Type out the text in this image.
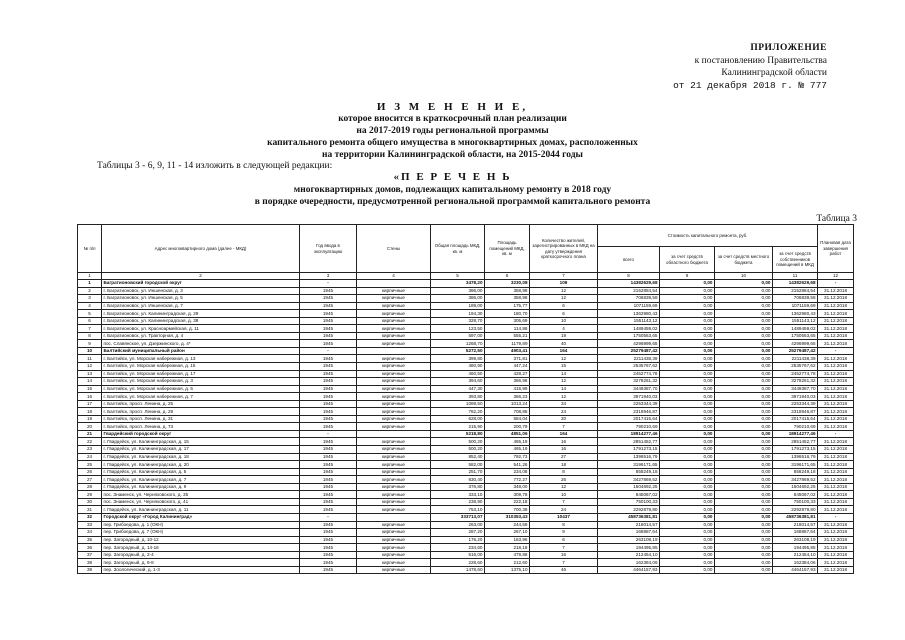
ПРИЛОЖЕНИЕ
к постановлению Правительства
Калининградской области
от 21 декабря 2018 г. № 777
И З М Е Н Е Н И Е,
которое вносится в краткосрочный план реализации
на 2017-2019 годы региональной программы
капитального ремонта общего имущества в многоквартирных домах, расположенных
на территории Калининградской области, на 2015-2044 годы
Таблицы 3 - 6, 9, 11 - 14 изложить в следующей редакции:
«П Е Р Е Ч Е Н Ь
многоквартирных домов, подлежащих капитальному ремонту в 2018 году
в порядке очередности, предусмотренной региональной программой капитального ремонта
Таблица 3
№ п/п	Адрес многоквартирного дома (далее - МКД)	Год ввода в эксплуатацию	Стены	Общая площадь МКД, кв. м	Площадь помещений МКД, кв. м	Количество жителей, зарегистрированных в МКД на дату утверждения краткосрочного плана	Стоимость капитального ремонта, руб.				Плановая дата завершения работ
							всего	за счет средств областного бюджета	за счет средств местного бюджета	за счет средств собственников помещений в МКД	
1	2	3	4	5	6	7	8	9	10	11	12
1	Багратионовский городской округ	-		3478,20	3230,08	109	14382629,68	0,00	0,00	14382629,68	-
2	г. Багратионовск, ул. Иншенская, д. 3	1945	кирпичные	386,00	358,98	12	2152884,54	0,00	0,00	2152884,54	31.12.2018
3	г. Багратионовск, ул. Иншенская, д. 5	1945	кирпичные	386,00	358,98	12	706839,58	0,00	0,00	706839,58	31.12.2018
4	г. Багратионовск, ул. Иншенская, д. 7	1945	кирпичные	189,00	175,77	6	1071159,69	0,00	0,00	1071159,69	31.12.2018
5	г. Багратионовск, ул. Калининградская, д. 29	1945	кирпичные	194,30	180,70	6	1362980,43	0,00	0,00	1362980,43	31.12.2018
6	г. Багратионовск, ул. Калининградская, д. 38	1945	кирпичные	328,70	305,69	10	1551143,12	0,00	0,00	1551143,12	31.12.2018
7	г. Багратионовск, ул. Красноармейская, д. 11	1945	кирпичные	123,50	114,86	4	1489459,02	0,00	0,00	1489459,02	31.12.2018
8	г. Багратионовск, ул. Тракторная, д. 4	1945	кирпичные	597,00	555,21	19	1750563,65	0,00	0,00	1750563,65	31.12.2018
9	пос. Славянское, ул. Дзержинского, д. 4*	1945	кирпичные	1268,70	1179,89	40	4296999,65	0,00	0,00	4296999,65	31.12.2018
10	Балтийский муниципальный район	-		5272,50	4903,41	164	25279487,42	0,00	0,00	25279487,42	-
11	г. Балтийск, ул. Морская набережная, д. 13	1945	кирпичные	399,80	371,81	12	2211438,39	0,00	0,00	2211438,39	31.12.2018
12	г. Балтийск, ул. Морская набережная, д. 15	1945	кирпичные	480,90	447,24	15	2535767,62	0,00	0,00	2535767,62	31.12.2018
13	г. Балтийск, ул. Морская набережная, д. 17	1945	кирпичные	460,50	428,27	14	2452774,78	0,00	0,00	2452774,78	31.12.2018
14	г. Балтийск, ул. Морская набережная, д. 3	1945	кирпичные	394,60	366,98	12	3278261,32	0,00	0,00	3278261,32	31.12.2018
15	г. Балтийск, ул. Морская набережная, д. 5	1945	кирпичные	447,30	415,99	14	3449387,70	0,00	0,00	3449387,70	31.12.2018
16	г. Балтийск, ул. Морская набережная, д. 7	1945	кирпичные	393,80	366,23	12	3971940,03	0,00	0,00	3971940,03	31.12.2018
17	г. Балтийск, просп. Ленина, д. 25	1945	кирпичные	1089,50	1013,24	34	2253344,39	0,00	0,00	2253344,39	31.12.2018
18	г. Балтийск, просп. Ленина, д. 29	1945	кирпичные	762,20	708,85	24	2318946,87	0,00	0,00	2318946,87	31.12.2018
19	г. Балтийск, просп. Ленина, д. 31	1945	кирпичные	628,00	584,04	20	2017415,64	0,00	0,00	2017415,64	31.12.2018
20	г. Балтийск, просп. Ленина, д. 73	1945	кирпичные	215,90	200,79	7	790210,69	0,00	0,00	790210,69	31.12.2018
21	Гвардейский городской округ	-		5218,80	4851,06	164	18914277,46	0,00	0,00	18914277,46	-
22	г. Гвардейск, ул. Калининградская, д. 15	1945	кирпичные	500,20	465,19	16	2851452,77	0,00	0,00	2851452,77	31.12.2018
23	г. Гвардейск, ул. Калининградская, д. 17	1945	кирпичные	500,20	465,19	16	1791273,15	0,00	0,00	1791273,15	31.12.2018
24	г. Гвардейск, ул. Калининградская, д. 18	1945	кирпичные	852,40	792,73	27	1396516,79	0,00	0,00	1396516,79	31.12.2018
25	г. Гвардейск, ул. Калининградская, д. 20	1945	кирпичные	582,00	541,26	18	3196171,65	0,00	0,00	3196171,65	31.12.2018
26	г. Гвардейск, ул. Калининградская, д. 5	1945	кирпичные	251,70	234,08	8	858249,18	0,00	0,00	858249,18	31.12.2018
27	г. Гвардейск, ул. Калининградская, д. 7	1945	кирпичные	830,40	772,27	26	3427869,52	0,00	0,00	3427869,52	31.12.2018
28	г. Гвардейск, ул. Калининградская, д. 9	1945	кирпичные	376,80	348,00	12	1504692,25	0,00	0,00	1504692,25	31.12.2018
29	пос. Знаменск, ул. Черняховского, д. 35	1945	кирпичные	333,10	309,78	10	845067,02	0,00	0,00	845067,02	31.12.2018
30	пос. Знаменск, ул. Черняховского, д. 41	1945	кирпичные	238,90	222,18	7	750100,33	0,00	0,00	750100,33	31.12.2018
31	г. Гвардейск, ул. Калининградская, д. 11	1945	кирпичные	753,10	700,38	24	2292879,80	0,00	0,00	2292879,80	31.12.2018
32	Городской округ «Город Калининград»	-		333713,07	310353,43	10437	458736381,81	0,00	0,00	458736381,81	-
33	пер. Грибоедова, д. 1 (ОКН)	1945	кирпичные	263,00	244,59	8	218014,57	0,00	0,00	218014,57	31.12.2018
34	пер. Грибоедова, д. 7 (ОКН)	1945	кирпичные	287,20	267,10	9	168887,64	0,00	0,00	168887,64	31.12.2018
35	пер. Загородный, д. 10-12	1945	кирпичные	176,20	163,96	6	263108,19	0,00	0,00	263108,19	31.12.2018
36	пер. Загородный, д. 14-16	1945	кирпичные	234,60	218,18	7	194495,85	0,00	0,00	194495,85	31.12.2018
37	пер. Загородный, д. 2-4	1945	кирпичные	516,00	479,88	16	212454,10	0,00	0,00	212454,10	31.12.2018
38	пер. Загородный, д. 6-8	1945	кирпичные	228,60	212,60	7	162384,06	0,00	0,00	162384,06	31.12.2018
39	пер. Зоологический, д. 1-3	1945	кирпичные	1478,60	1375,10	46	4464157,93	0,00	0,00	4464157,93	31.12.2018
